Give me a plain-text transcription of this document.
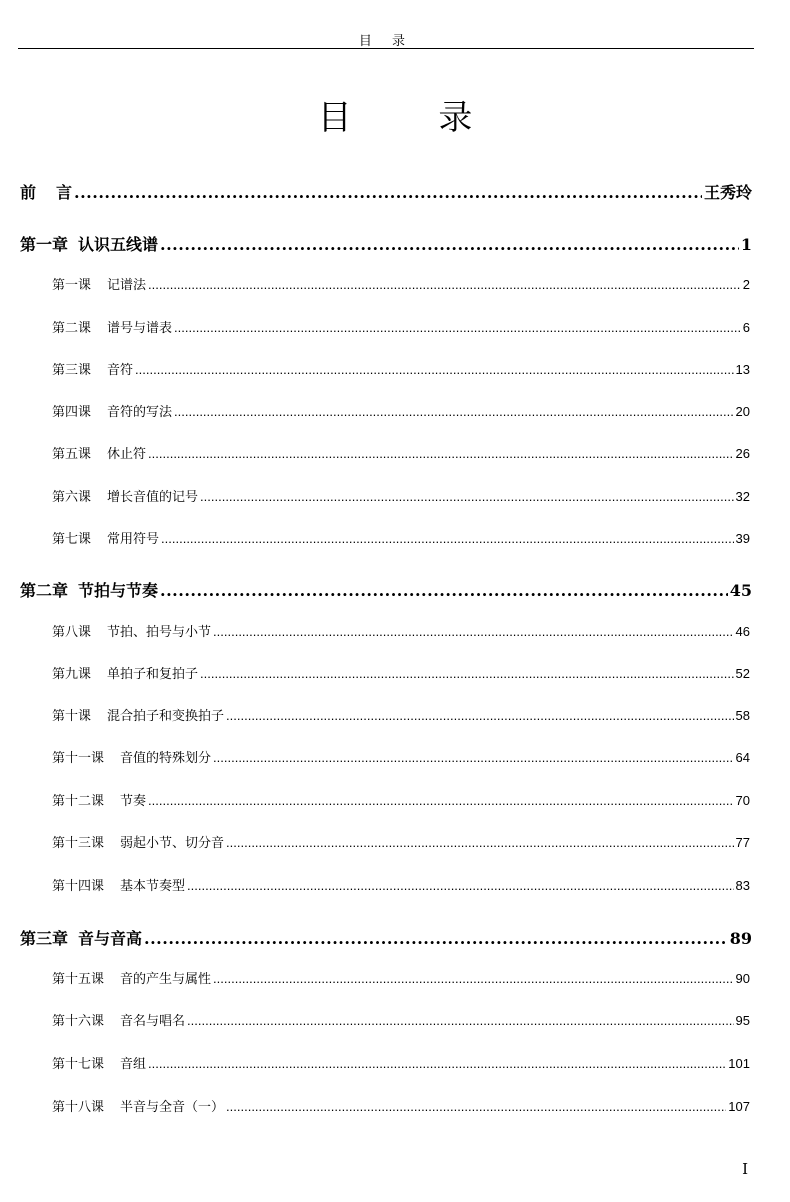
目 录
目 录
前 言 .....	王秀玲
第一章 认识五线谱 .....	1
第一课 记谱法 .....	2
第二课 谱号与谱表 .....	6
第三课 音符 .....	13
第四课 音符的写法 .....	20
第五课 休止符 .....	26
第六课 增长音值的记号 .....	32
第七课 常用符号 .....	39
第二章 节拍与节奏 .....	45
第八课 节拍、拍号与小节 .....	46
第九课 单拍子和复拍子 .....	52
第十课 混合拍子和变换拍子 .....	58
第十一课 音值的特殊划分 .....	64
第十二课 节奏 .....	70
第十三课 弱起小节、切分音 .....	77
第十四课 基本节奏型 .....	83
第三章 音与音高 .....	89
第十五课 音的产生与属性 .....	90
第十六课 音名与唱名 .....	95
第十七课 音组 .....	101
第十八课 半音与全音（一） .....	107
I
